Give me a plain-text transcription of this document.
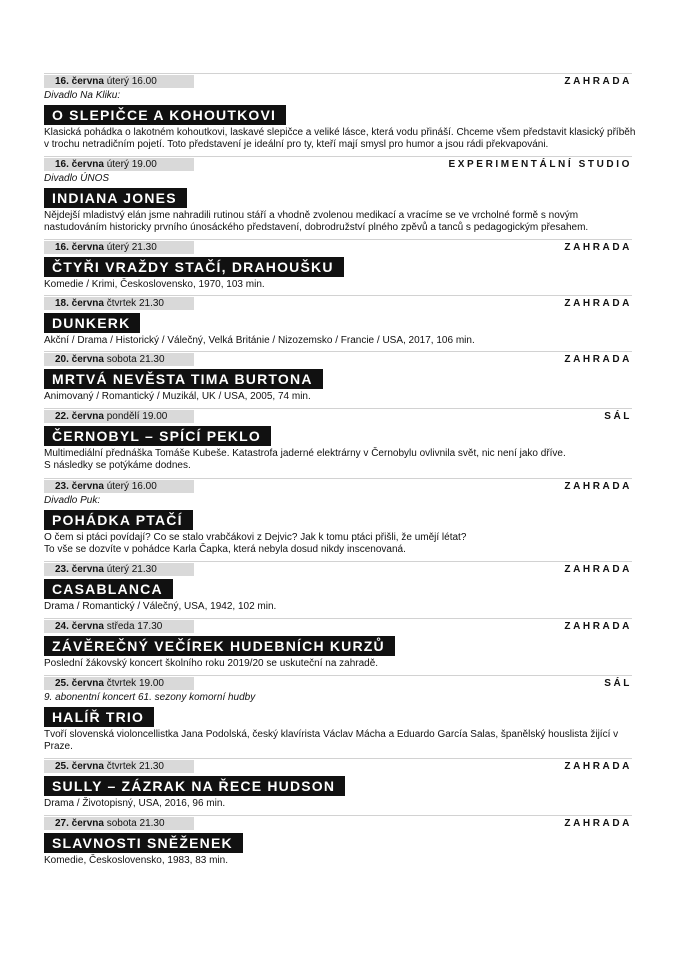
16. června úterý 16.00	ZAHRADA
Divadlo Na Kliku:
O SLEPIČCE A KOHOUTKOVI
Klasická pohádka o lakotném kohoutkovi, laskavé slepičce a veliké lásce, která vodu přináší. Chceme všem představit klasický příběh v trochu netradičním pojetí. Toto představení je ideální pro ty, kteří mají smysl pro humor a jsou rádi překvapováni.
16. června úterý 19.00	EXPERIMENTÁLNÍ STUDIO
Divadlo ÚNOS
INDIANA JONES
Nějdejší mladistvý elán jsme nahradili rutinou stáří a vhodně zvolenou medikací a vracíme se ve vrcholné formě s novým nastudováním historicky prvního únosáckého představení, dobrodružství plného zpěvů a tanců s pedagogickým přesahem.
16. června úterý 21.30	ZAHRADA
ČTYŘI VRAŽDY STAČÍ, DRAHOUŠKU
Komedie / Krimi, Československo, 1970, 103 min.
18. června čtvrtek 21.30	ZAHRADA
DUNKERK
Akční / Drama / Historický / Válečný, Velká Británie / Nizozemsko / Francie / USA, 2017, 106 min.
20. června sobota 21.30	ZAHRADA
MRTVÁ NEVĚSTA TIMA BURTONA
Animovaný / Romantický / Muzikál, UK / USA, 2005, 74 min.
22. června pondělí 19.00	SÁL
ČERNOBYL – SPÍCÍ PEKLO
Multimediální přednáška Tomáše Kubeše. Katastrofa jaderné elektrárny v Černobylu ovlivnila svět, nic není jako dříve.
S následky se potýkáme dodnes.
23. června úterý 16.00	ZAHRADA
Divadlo Puk:
POHÁDKA PTAČÍ
O čem si ptáci povídají? Co se stalo vrabčákovi z Dejvic? Jak k tomu ptáci přišli, že umějí létat?
To vše se dozvíte v pohádce Karla Čapka, která nebyla dosud nikdy inscenovaná.
23. června úterý 21.30	ZAHRADA
CASABLANCA
Drama / Romantický / Válečný, USA, 1942, 102 min.
24. června středa 17.30	ZAHRADA
ZÁVĚREČNÝ VEČÍREK HUDEBNÍCH KURZŮ
Poslední žákovský koncert školního roku 2019/20 se uskuteční na zahradě.
25. června čtvrtek 19.00	SÁL
9. abonentní koncert 61. sezony komorní hudby
HALÍŘ TRIO
Tvoří slovenská violoncellistka Jana Podolská, český klavírista Václav Mácha a Eduardo García Salas, španělský houslista žijící v Praze.
25. června čtvrtek 21.30	ZAHRADA
SULLY – ZÁZRAK NA ŘECE HUDSON
Drama / Životopisný, USA, 2016, 96 min.
27. června sobota 21.30	ZAHRADA
SLAVNOSTI SNĚŽENEK
Komedie, Československo, 1983, 83 min.
